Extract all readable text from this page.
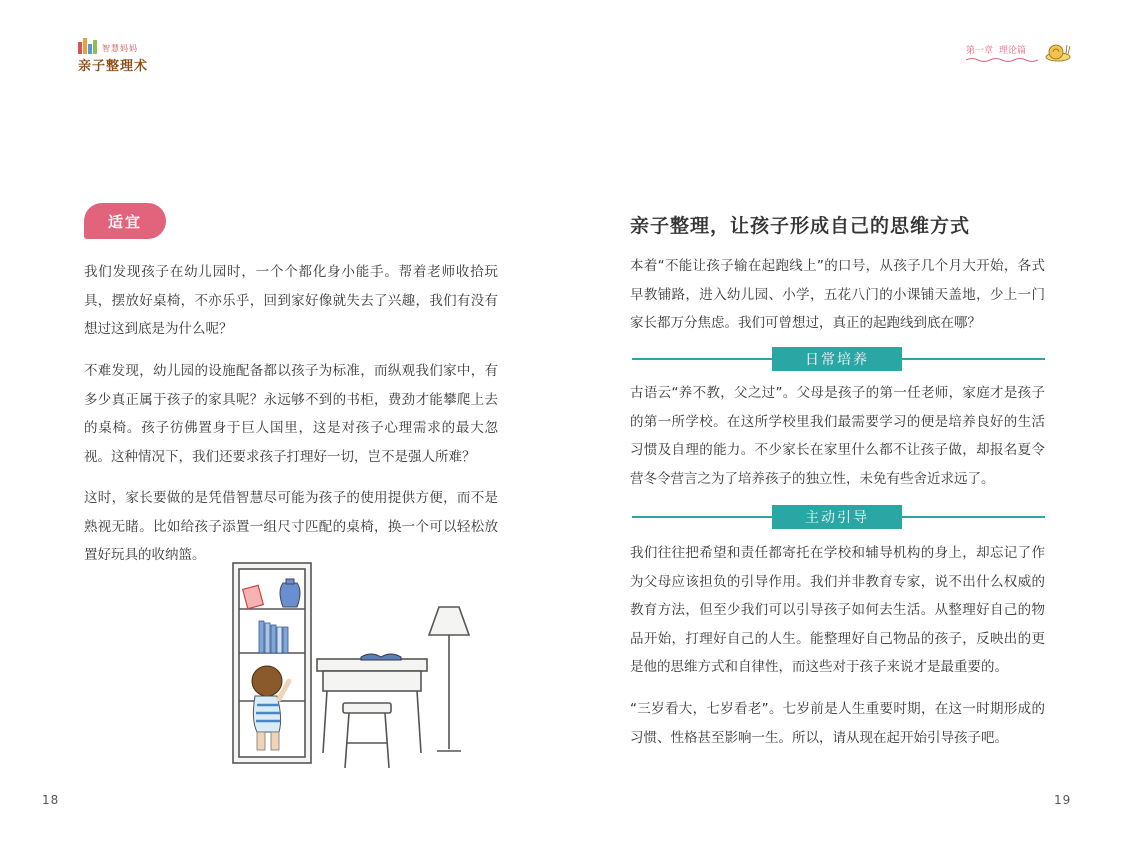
智慧妈妈
亲子整理术
适宜
我们发现孩子在幼儿园时，一个个都化身小能手。帮着老师收拾玩具，摆放好桌椅，不亦乐乎，回到家好像就失去了兴趣，我们有没有想过这到底是为什么呢？
不难发现，幼儿园的设施配备都以孩子为标准，而纵观我们家中，有多少真正属于孩子的家具呢？永远够不到的书柜，费劲才能攀爬上去的桌椅。孩子彷佛置身于巨人国里，这是对孩子心理需求的最大忽视。这种情况下，我们还要求孩子打理好一切，岂不是强人所难？
这时，家长要做的是凭借智慧尽可能为孩子的使用提供方便，而不是熟视无睹。比如给孩子添置一组尺寸匹配的桌椅，换一个可以轻松放置好玩具的收纳篮。
18
第一章 理论篇
亲子整理，让孩子形成自己的思维方式
本着“不能让孩子输在起跑线上”的口号，从孩子几个月大开始，各式早教铺路，进入幼儿园、小学，五花八门的小课铺天盖地，少上一门家长都万分焦虑。我们可曾想过，真正的起跑线到底在哪？
日常培养
古语云“养不教，父之过”。父母是孩子的第一任老师，家庭才是孩子的第一所学校。在这所学校里我们最需要学习的便是培养良好的生活习惯及自理的能力。不少家长在家里什么都不让孩子做，却报名夏令营冬令营言之为了培养孩子的独立性，未免有些舍近求远了。
主动引导
我们往往把希望和责任都寄托在学校和辅导机构的身上，却忘记了作为父母应该担负的引导作用。我们并非教育专家，说不出什么权威的教育方法，但至少我们可以引导孩子如何去生活。从整理好自己的物品开始，打理好自己的人生。能整理好自己物品的孩子，反映出的更是他的思维方式和自律性，而这些对于孩子来说才是最重要的。
“三岁看大，七岁看老”。七岁前是人生重要时期，在这一时期形成的习惯、性格甚至影响一生。所以，请从现在起开始引导孩子吧。
19
